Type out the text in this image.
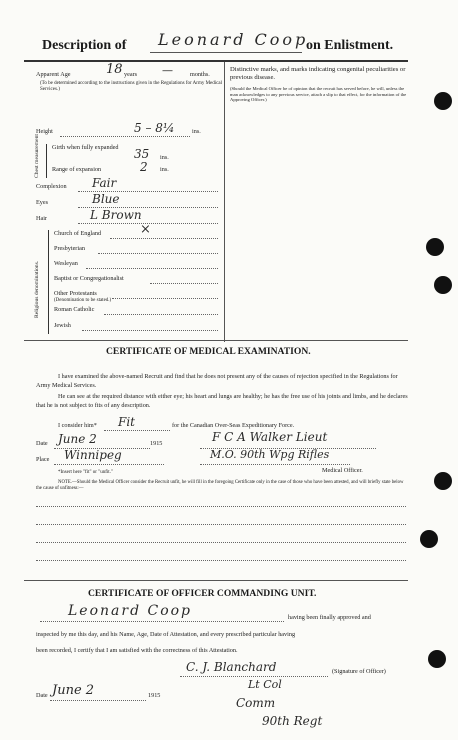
Description of Leonard Coop
on Enlistment.
Apparent Age	18 years —	months.
(To be determined according to the instructions given in the Regulations for Army Medical Services.)
Distinctive marks, and marks indicating congenital peculiarities or previous disease.
(Should the Medical Officer be of opinion that the recruit has served before, he will, unless the man acknowledges to any previous service, attach a slip to that effect, for the information of the Approving Officer.)
Height	5 – 8¼	ins.
Chest measurement Girth when fully expanded	35 ins.
Range of expansion	2 ins.
Complexion Fair
Eyes	Blue
Hair	L Brown
Religious denominations.
Church of England	×
Presbyterian
Wesleyan
Baptist or Congregationalist
Other Protestants
(Denomination to be stated.)
Roman Catholic
Jewish
CERTIFICATE OF MEDICAL EXAMINATION.
I have examined the above-named Recruit and find that he does not present any of the causes of rejection specified in the Regulations for Army Medical Services.
He can see at the required distance with either eye; his heart and lungs are healthy; he has the free use of his joints and limbs, and he declares that he is not subject to fits of any description.
I consider him* Fit	for the Canadian Over-Seas Expeditionary Force.
Date June 2	1915	F C A Walker Lieut
Place Winnipeg	M.O. 90th Wpg Rifles
Medical Officer.
*Insert here "fit" or "unfit."
NOTE.—Should the Medical Officer consider the Recruit unfit, he will fill in the foregoing Certificate only in the case of those who have been attested, and will briefly state below the cause of unfitness:—
CERTIFICATE OF OFFICER COMMANDING UNIT.
Leonard Coop	having been finally approved and
inspected by me this day, and his Name, Age, Date of Attestation, and every prescribed particular having
been recorded, I certify that I am satisfied with the correctness of this Attestation.
C. J. Blanchard	(Signature of Officer)
Lt Col
Comm
90th Regt
Date June 2	1915
